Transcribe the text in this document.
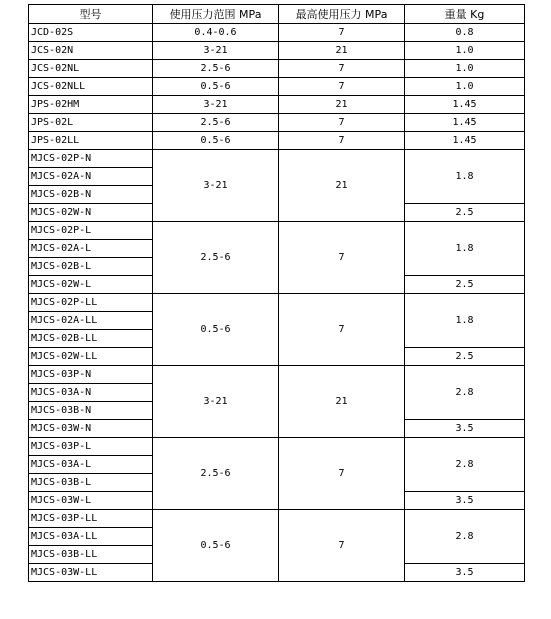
型号	使用压力范围 MPa	最高使用压力 MPa	重量 Kg
JCD-02S	0.4-0.6	7	0.8
JCS-02N	3-21	21	1.0
JCS-02NL	2.5-6	7	1.0
JCS-02NLL	0.5-6	7	1.0
JPS-02HM	3-21	21	1.45
JPS-02L	2.5-6	7	1.45
JPS-02LL	0.5-6	7	1.45
MJCS-02P-N	3-21	21	1.8
MJCS-02A-N			
MJCS-02B-N			
MJCS-02W-N			2.5
MJCS-02P-L	2.5-6	7	1.8
MJCS-02A-L			
MJCS-02B-L			
MJCS-02W-L			2.5
MJCS-02P-LL	0.5-6	7	1.8
MJCS-02A-LL			
MJCS-02B-LL			
MJCS-02W-LL			2.5
MJCS-03P-N	3-21	21	2.8
MJCS-03A-N			
MJCS-03B-N			
MJCS-03W-N			3.5
MJCS-03P-L	2.5-6	7	2.8
MJCS-03A-L			
MJCS-03B-L			
MJCS-03W-L			3.5
MJCS-03P-LL	0.5-6	7	2.8
MJCS-03A-LL			
MJCS-03B-LL			
MJCS-03W-LL			3.5
